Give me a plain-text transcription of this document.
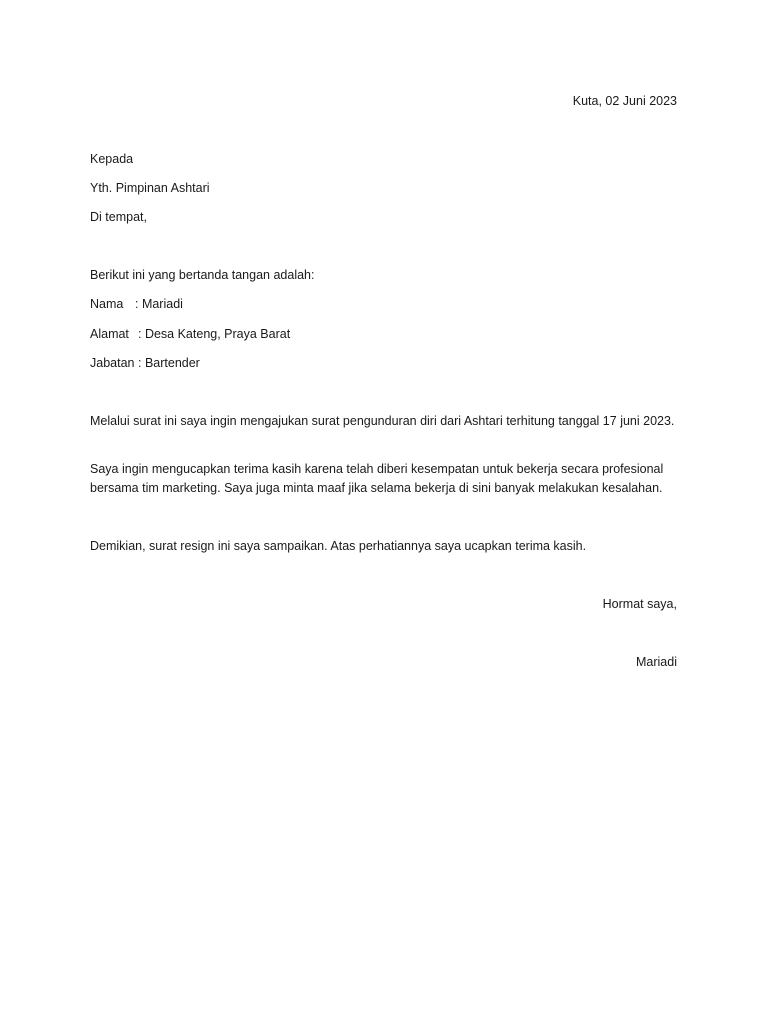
Kuta, 02 Juni 2023
Kepada
Yth. Pimpinan Ashtari
Di tempat,
Berikut ini yang bertanda tangan adalah:
Nama : Mariadi
Alamat : Desa Kateng, Praya Barat
Jabatan : Bartender
Melalui surat ini saya ingin mengajukan surat pengunduran diri dari Ashtari terhitung tanggal 17 juni 2023.
Saya ingin mengucapkan terima kasih karena telah diberi kesempatan untuk bekerja secara profesional bersama tim marketing. Saya juga minta maaf jika selama bekerja di sini banyak melakukan kesalahan.
Demikian, surat resign ini saya sampaikan. Atas perhatiannya saya ucapkan terima kasih.
Hormat saya,
Mariadi
